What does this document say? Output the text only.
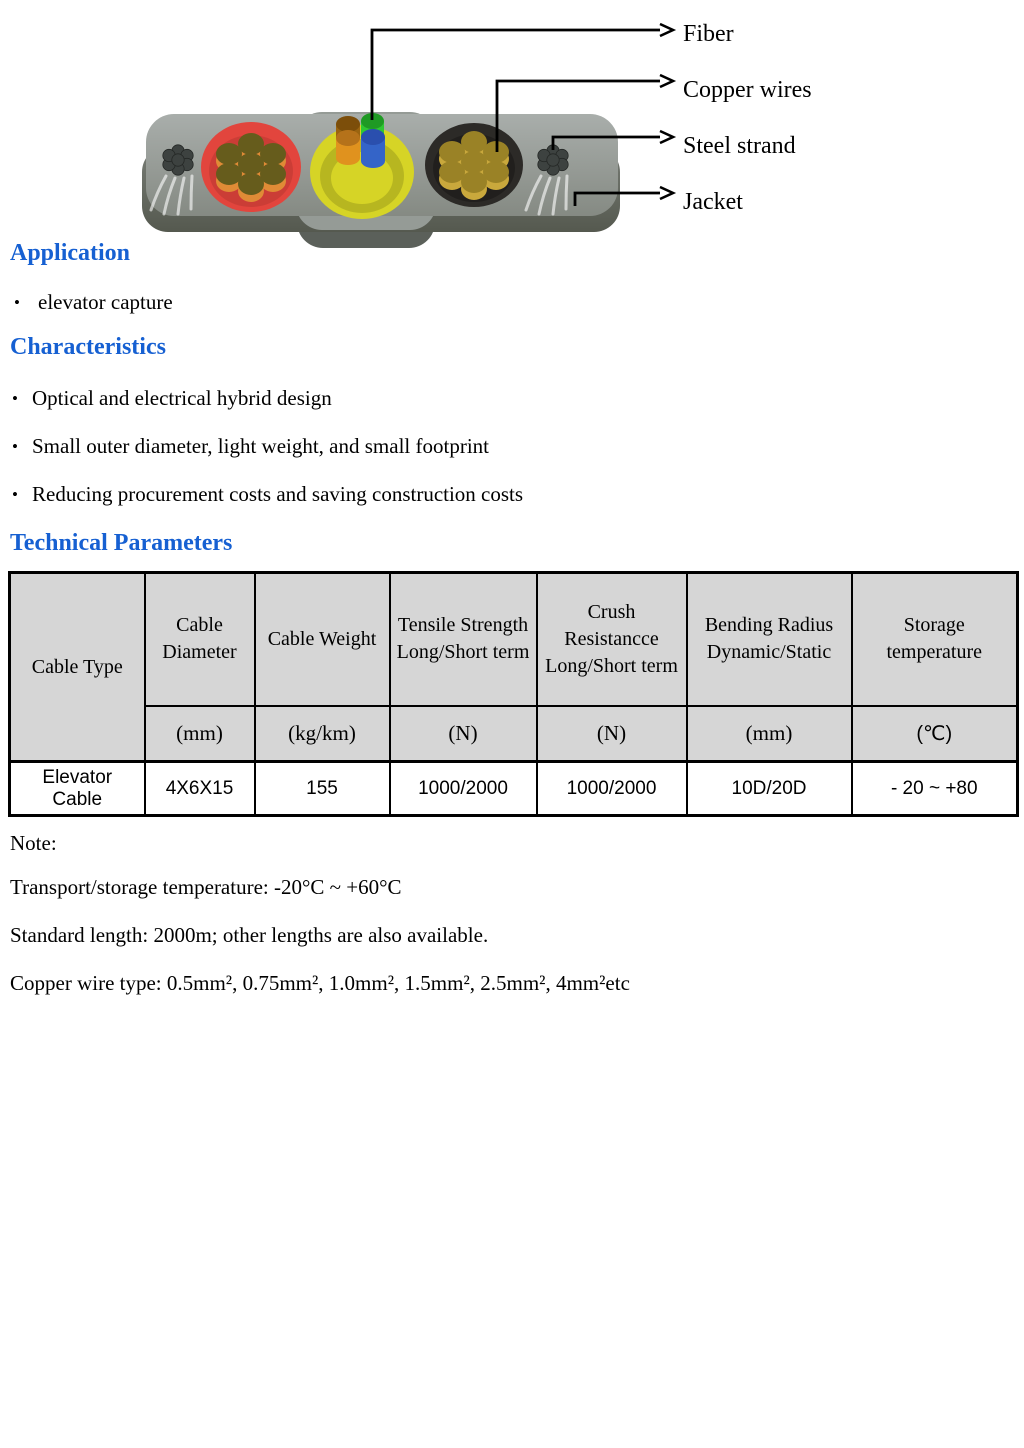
Fiber
Copper wires
Steel strand
Jacket
Application
• elevator capture
Characteristics
• Optical and electrical hybrid design
• Small outer diameter, light weight, and small footprint
• Reducing procurement costs and saving construction costs
Technical Parameters
Cable Type	Cable Diameter	Cable Weight	Tensile Strength Long/Short term	Crush Resistancce Long/Short term	Bending Radius Dynamic/Static	Storage temperature
	(mm)	(kg/km)	(N)	(N)	(mm)	(℃)
Elevator Cable	4X6X15	155	1000/2000	1000/2000	10D/20D	- 20 ~ +80
Note:
Transport/storage temperature: -20°C ~ +60°C
Standard length: 2000m; other lengths are also available.
Copper wire type: 0.5mm², 0.75mm², 1.0mm², 1.5mm², 2.5mm², 4mm²etc
